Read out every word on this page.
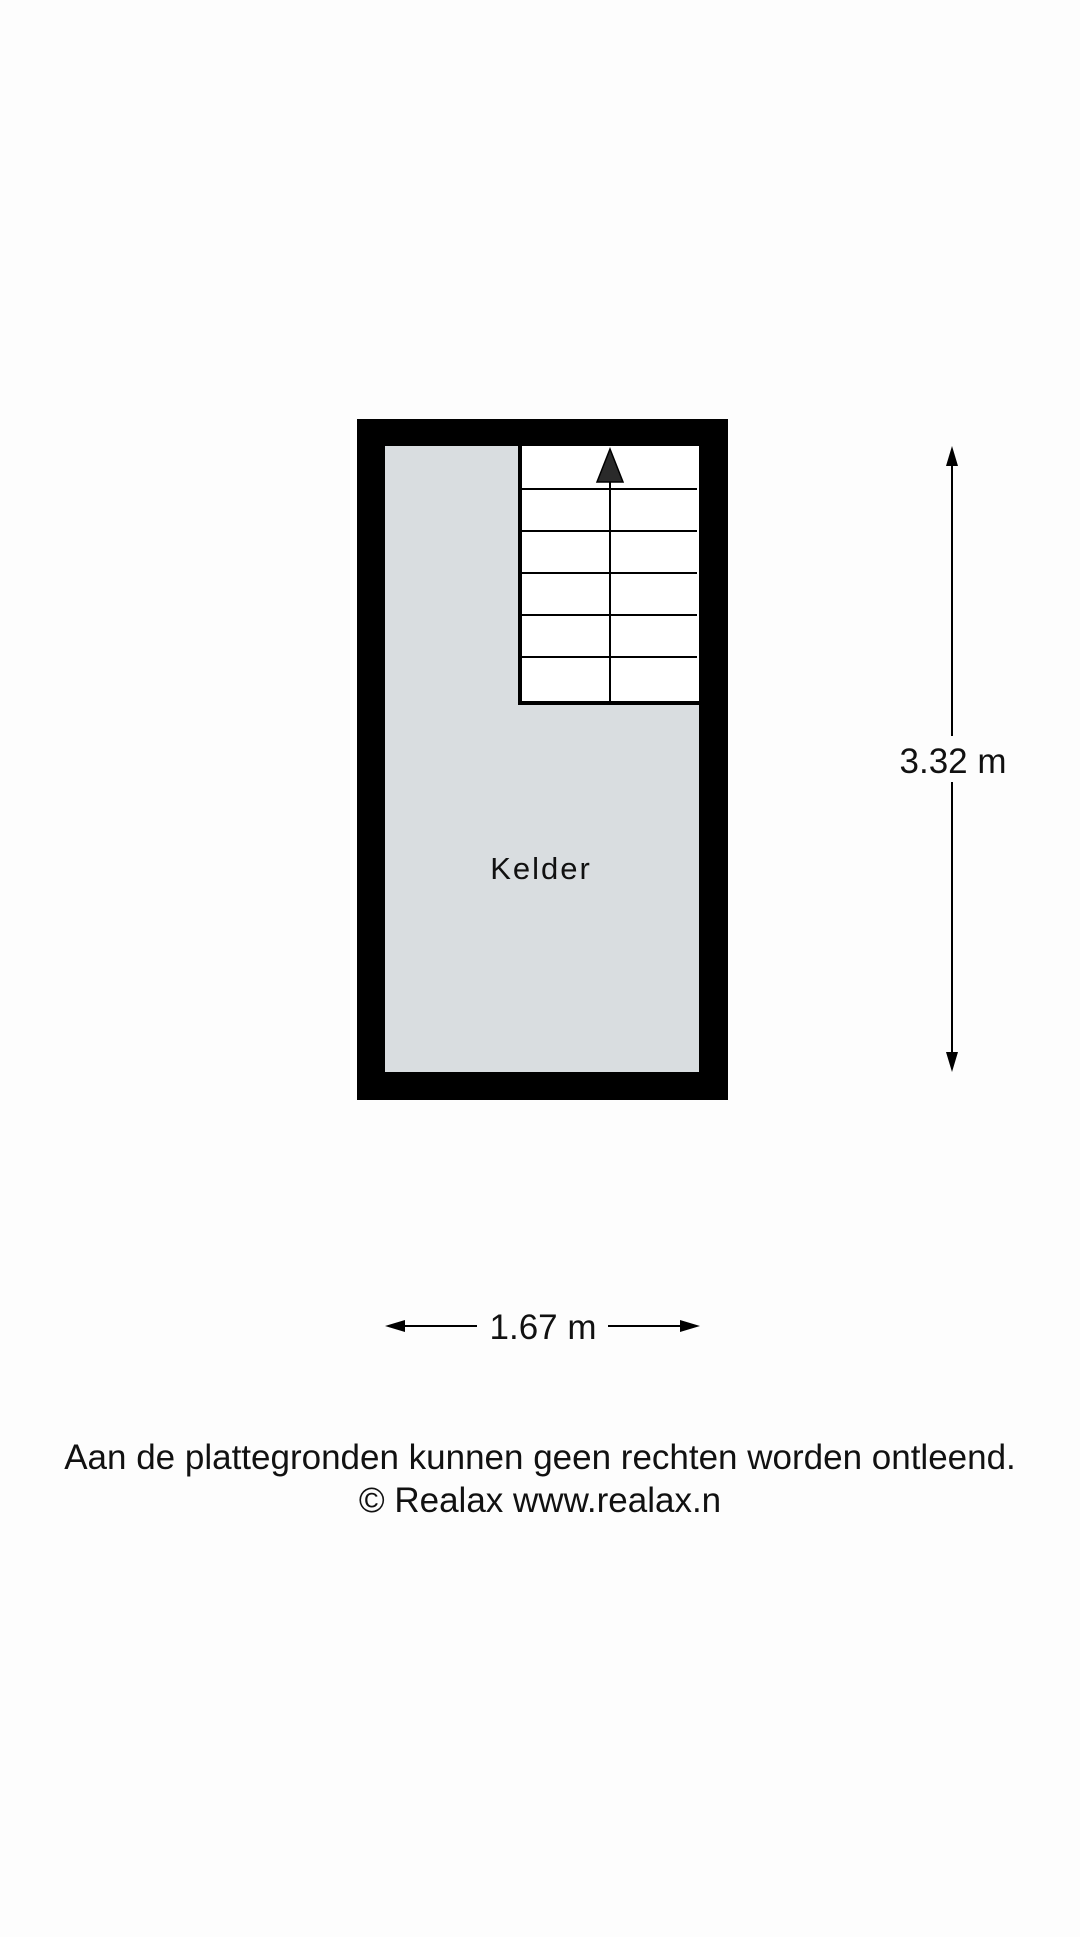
Kelder
3.32 m
1.67 m
Aan de plattegronden kunnen geen rechten worden ontleend.
© Realax www.realax.n
